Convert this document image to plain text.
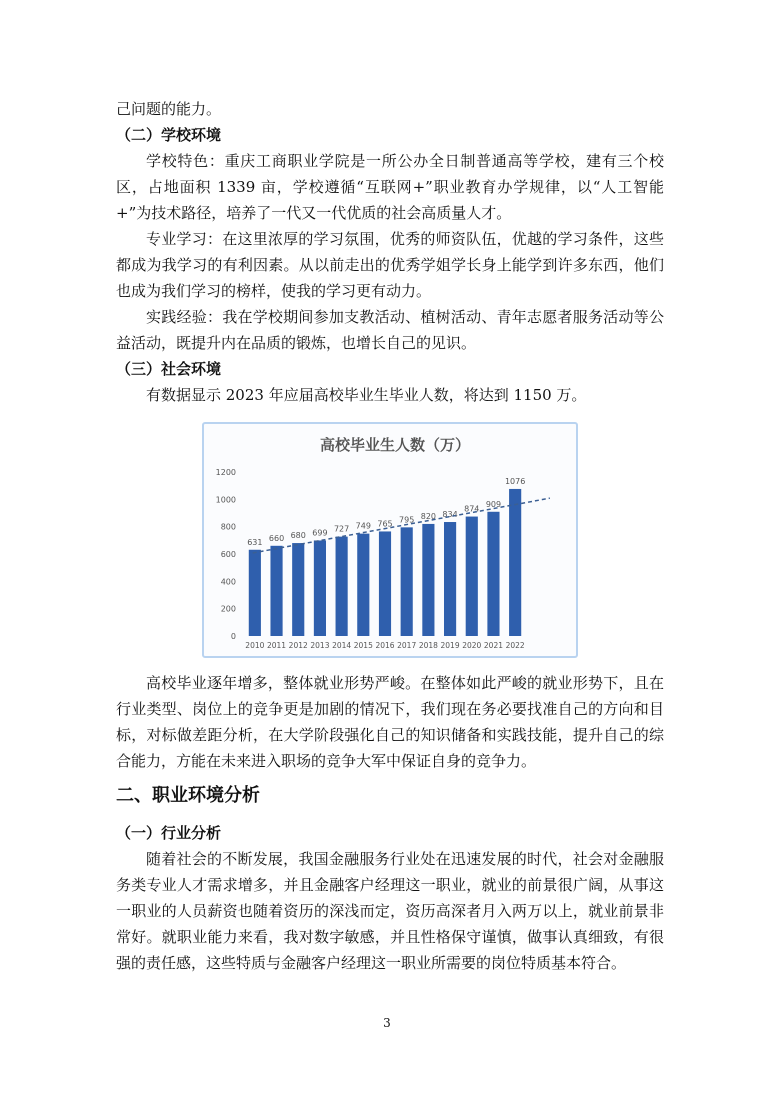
己问题的能力。

（二）学校环境

学校特色：重庆工商职业学院是一所公办全日制普通高等学校，建有三个校区，占地面积 1339 亩，学校遵循“互联网+”职业教育办学规律，以“人工智能+”为技术路径，培养了一代又一代优质的社会高质量人才。

专业学习：在这里浓厚的学习氛围，优秀的师资队伍，优越的学习条件，这些都成为我学习的有利因素。从以前走出的优秀学姐学长身上能学到许多东西，他们也成为我们学习的榜样，使我的学习更有动力。

实践经验：我在学校期间参加支教活动、植树活动、青年志愿者服务活动等公益活动，既提升内在品质的锻炼，也增长自己的见识。

（三）社会环境

有数据显示 2023 年应届高校毕业生毕业人数，将达到 1150 万。

高校毕业生人数（万）
0
200
400
600
800
1000
1200
631
2010
660
2011
680
2012
699
2013
727
2014
749
2015
765
2016
795
2017
820
2018
834
2019
874
2020
909
2021
1076
2022

高校毕业逐年增多，整体就业形势严峻。在整体如此严峻的就业形势下，且在行业类型、岗位上的竞争更是加剧的情况下，我们现在务必要找准自己的方向和目标，对标做差距分析，在大学阶段强化自己的知识储备和实践技能，提升自己的综合能力，方能在未来进入职场的竞争大军中保证自身的竞争力。

二、职业环境分析

（一）行业分析

随着社会的不断发展，我国金融服务行业处在迅速发展的时代，社会对金融服务类专业人才需求增多，并且金融客户经理这一职业，就业的前景很广阔，从事这一职业的人员薪资也随着资历的深浅而定，资历高深者月入两万以上，就业前景非常好。就职业能力来看，我对数字敏感，并且性格保守谨慎，做事认真细致，有很强的责任感，这些特质与金融客户经理这一职业所需要的岗位特质基本符合。

3
